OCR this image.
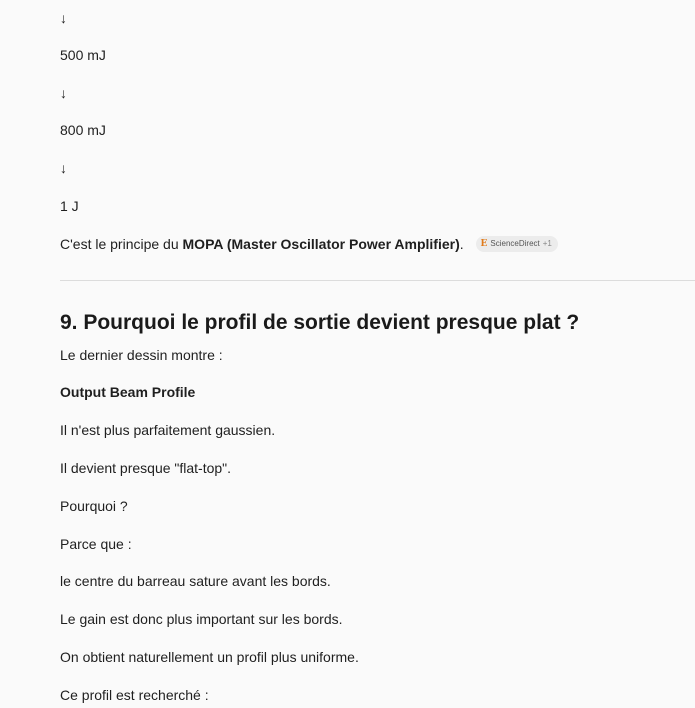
↓

500 mJ

↓

800 mJ

↓

1 J

C'est le principe du MOPA (Master Oscillator Power Amplifier). E ScienceDirect +1

9. Pourquoi le profil de sortie devient presque plat ?

Le dernier dessin montre :

Output Beam Profile

Il n'est plus parfaitement gaussien.

Il devient presque "flat-top".

Pourquoi ?

Parce que :

le centre du barreau sature avant les bords.

Le gain est donc plus important sur les bords.

On obtient naturellement un profil plus uniforme.

Ce profil est recherché :
